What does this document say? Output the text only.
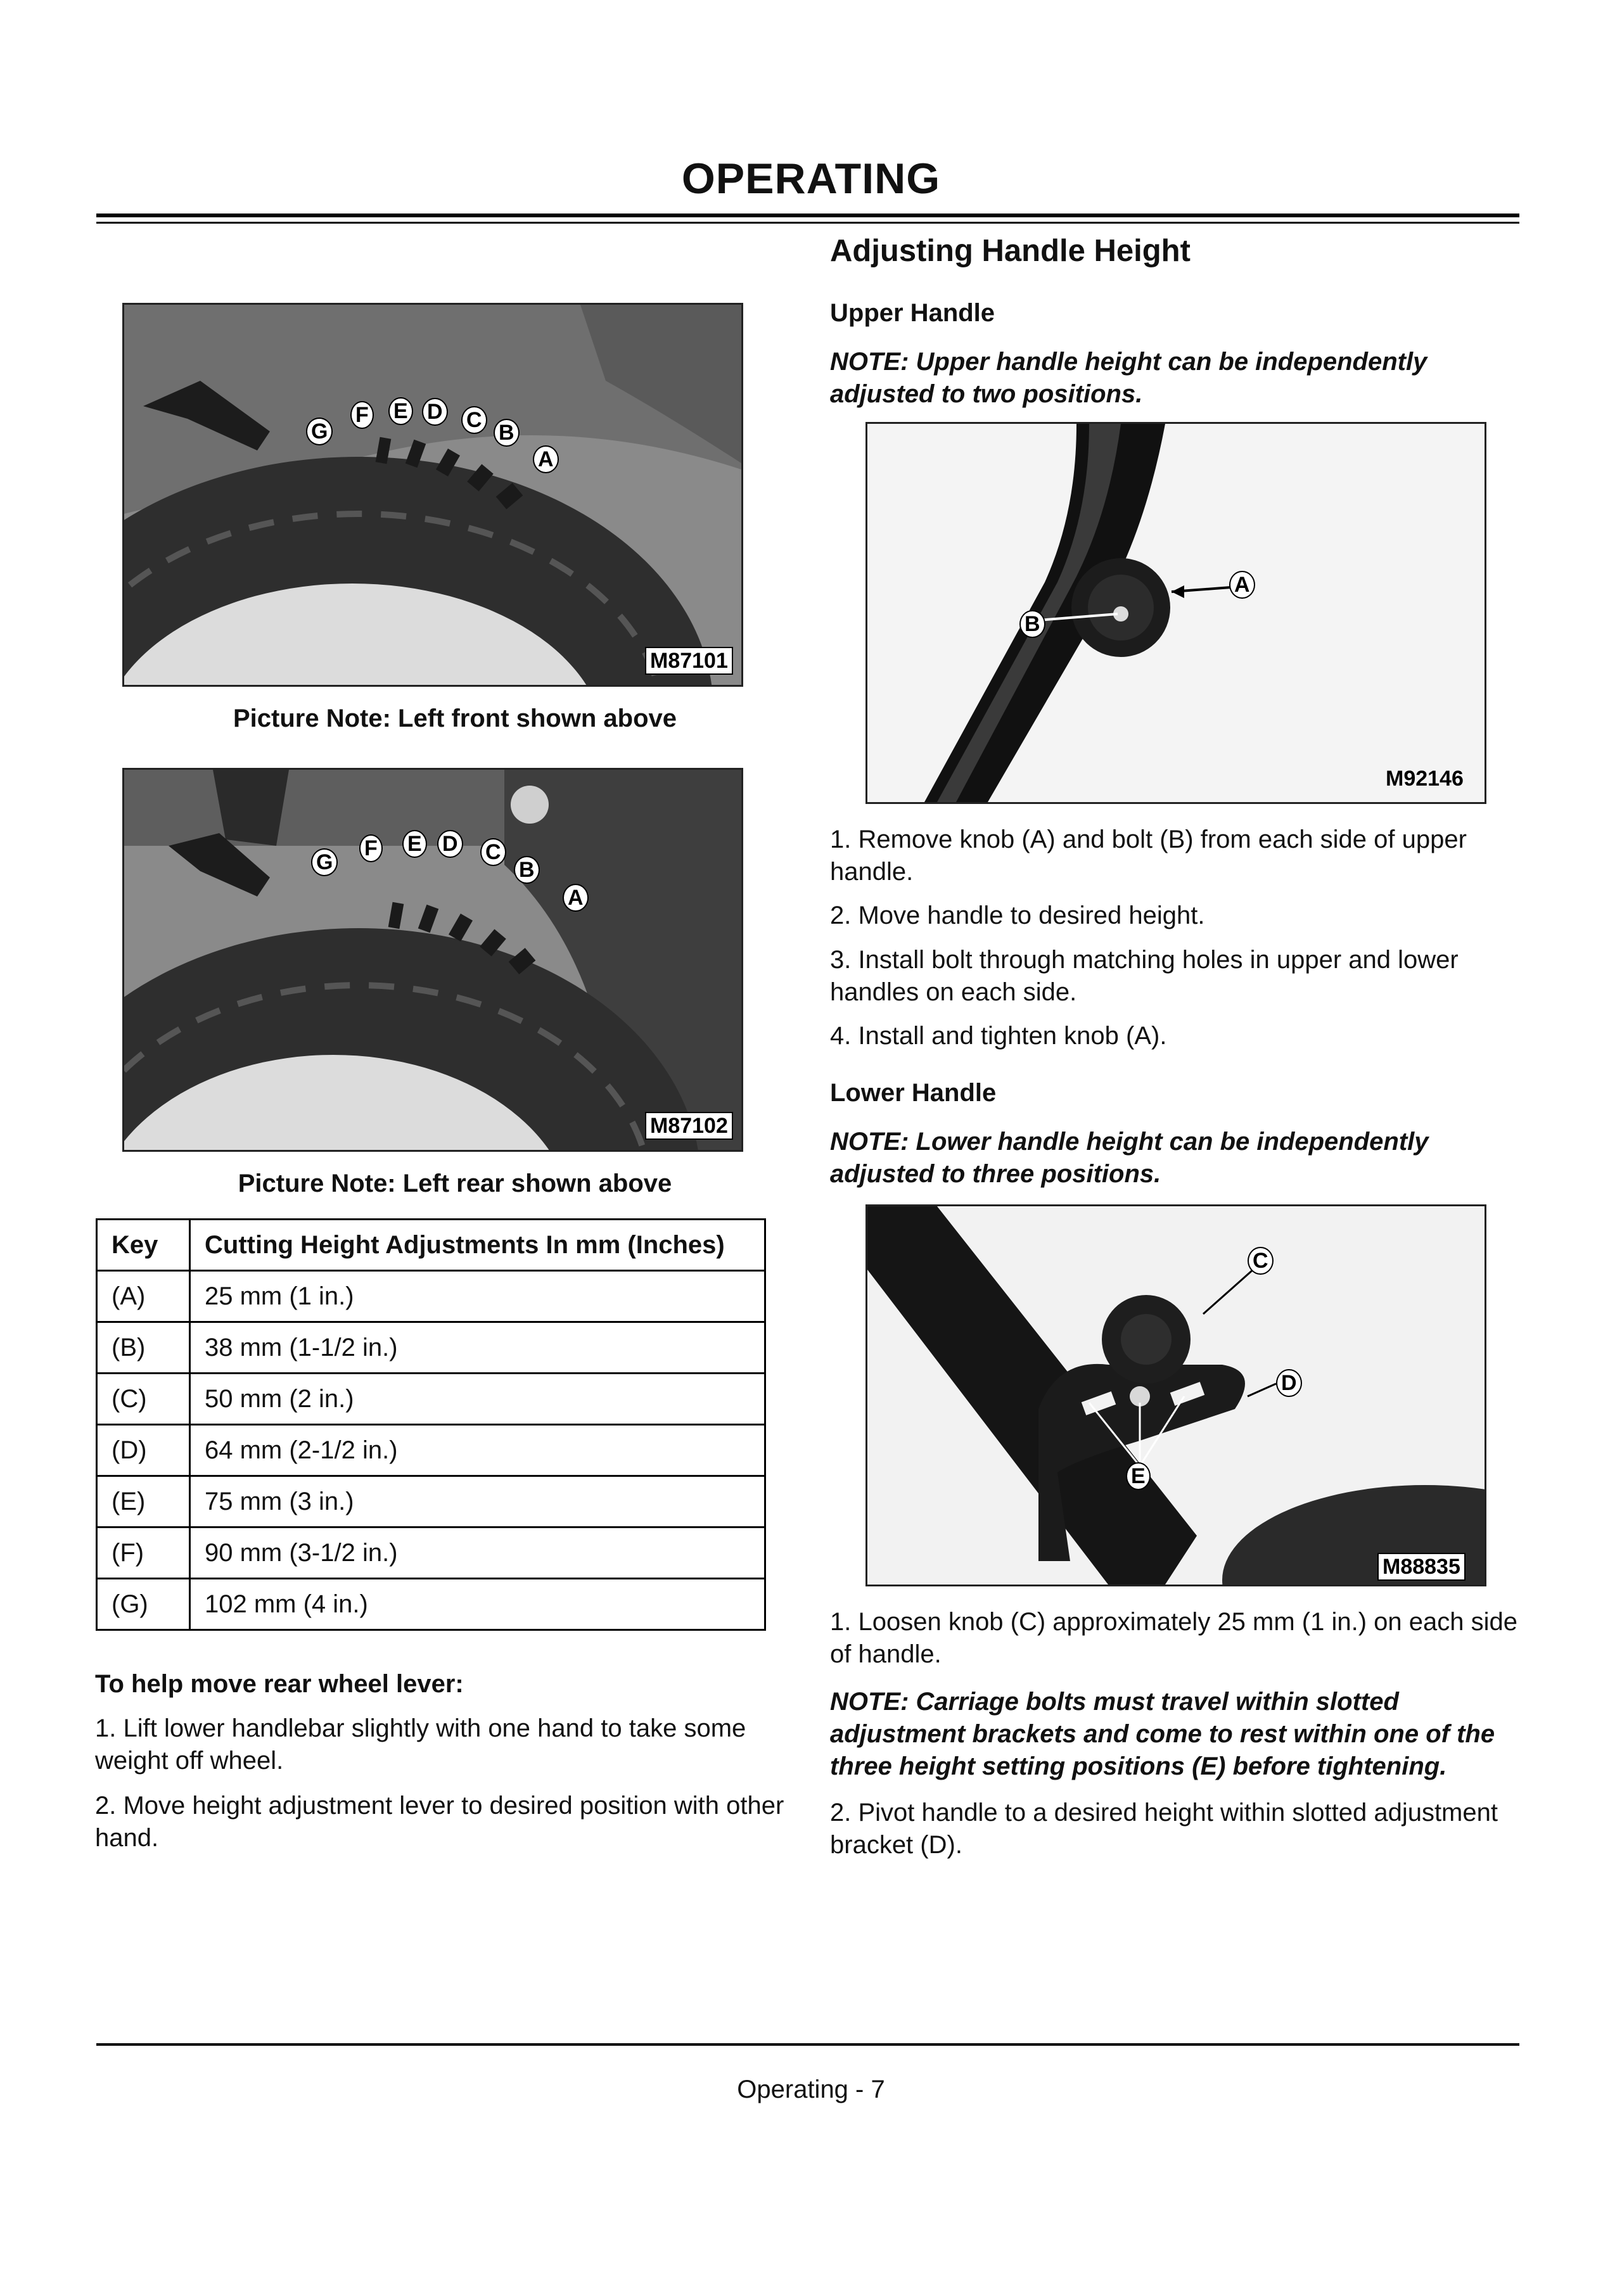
OPERATING
G
F E D C
B
A
M87101
Picture Note: Left front shown above
G
F E D C
B
A
M87102
Picture Note: Left rear shown above
Key	Cutting Height Adjustments In mm (Inches)
(A)	25 mm (1 in.)
(B)	38 mm (1-1/2 in.)
(C)	50 mm (2 in.)
(D)	64 mm (2-1/2 in.)
(E)	75 mm (3 in.)
(F)	90 mm (3-1/2 in.)
(G)	102 mm (4 in.)
To help move rear wheel lever:
1. Lift lower handlebar slightly with one hand to take some weight off wheel.
2. Move height adjustment lever to desired position with other hand.
Adjusting Handle Height
Upper Handle
NOTE: Upper handle height can be independently adjusted to two positions.
B
A
M92146
1. Remove knob (A) and bolt (B) from each side of upper handle.
2. Move handle to desired height.
3. Install bolt through matching holes in upper and lower handles on each side.
4. Install and tighten knob (A).
Lower Handle
NOTE: Lower handle height can be independently adjusted to three positions.
C
D
E
M88835
1. Loosen knob (C) approximately 25 mm (1 in.) on each side of handle.
NOTE: Carriage bolts must travel within slotted adjustment brackets and come to rest within one of the three height setting positions (E) before tightening.
2. Pivot handle to a desired height within slotted adjustment bracket (D).
Operating - 7
